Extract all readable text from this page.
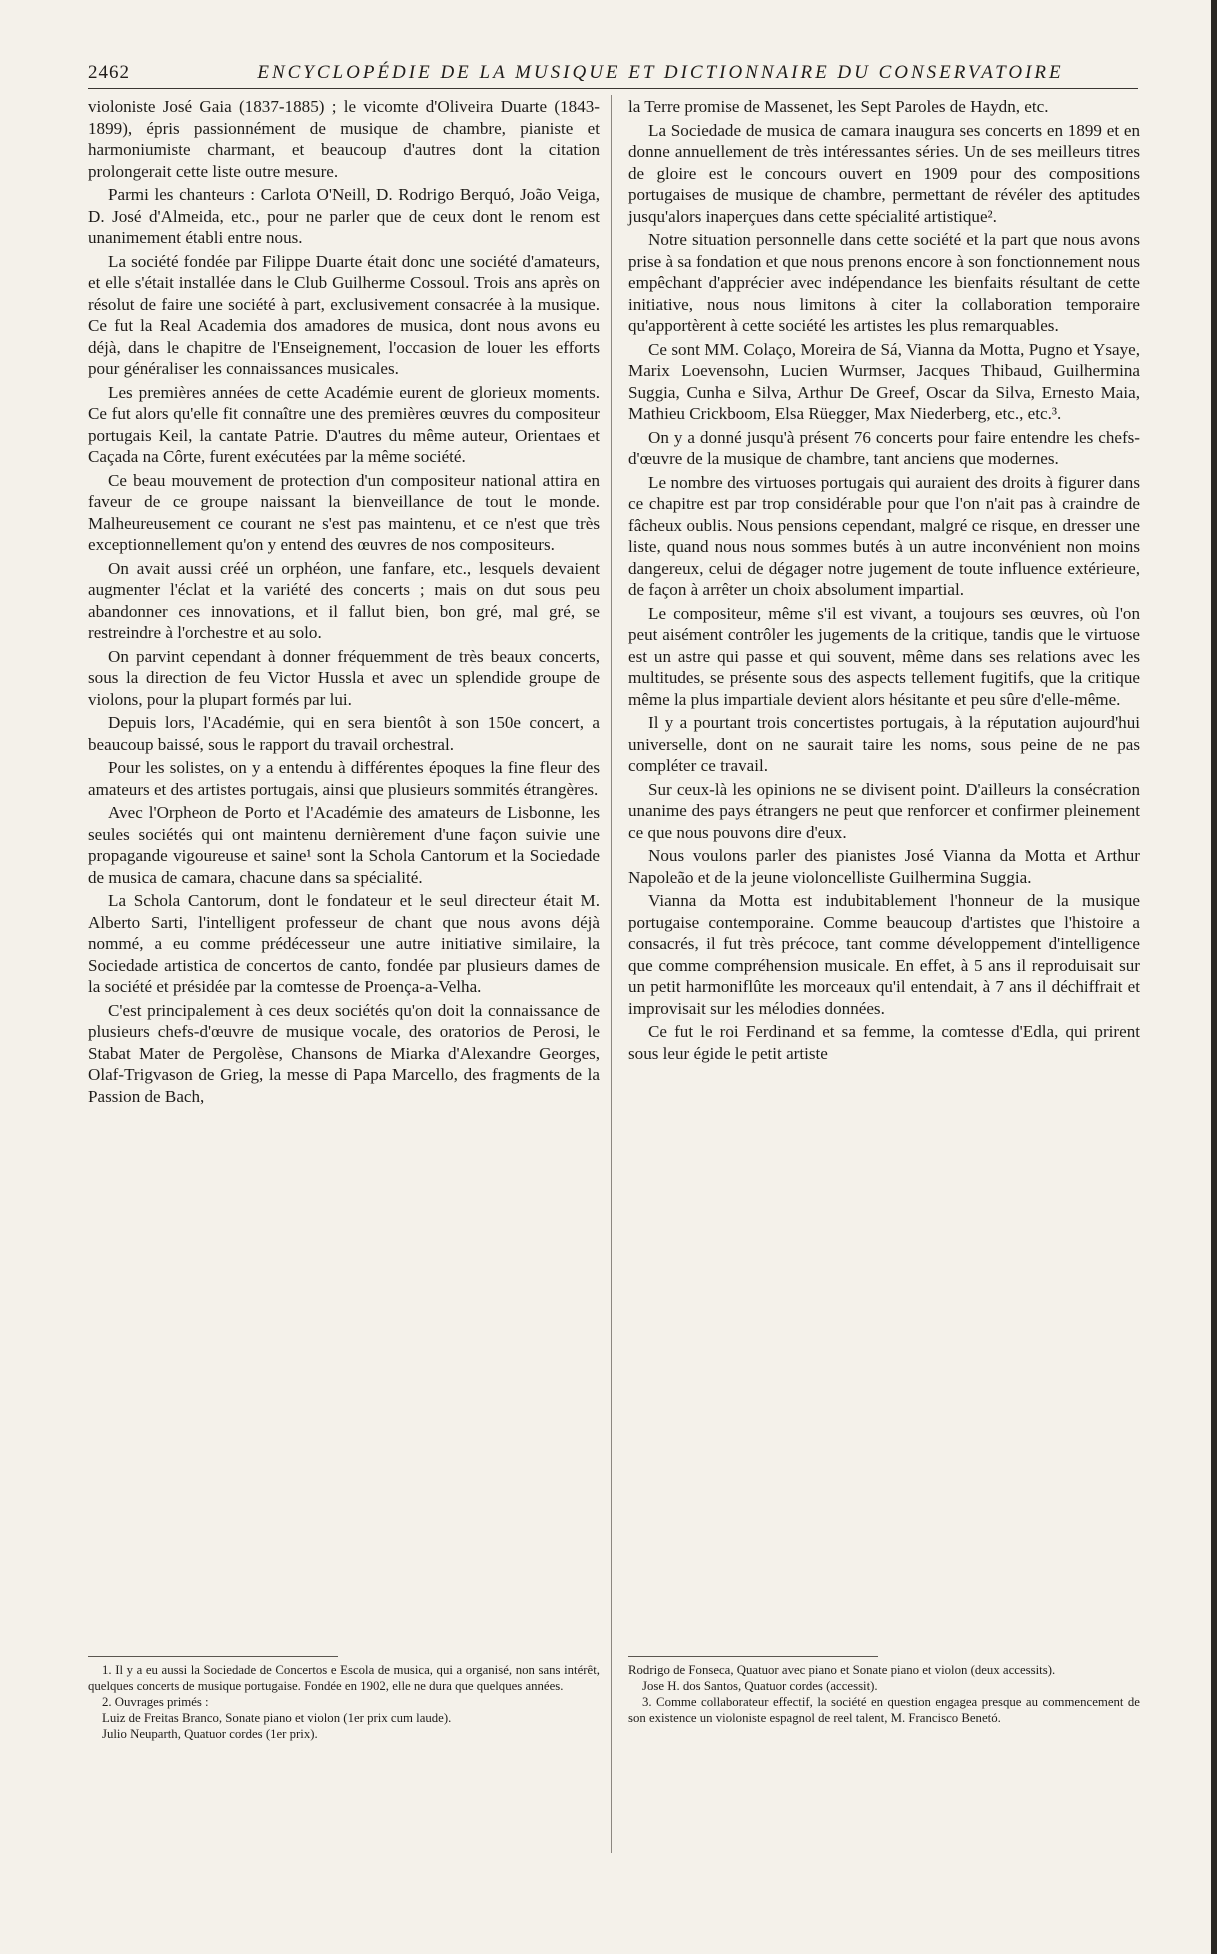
2462	ENCYCLOPÉDIE DE LA MUSIQUE ET DICTIONNAIRE DU CONSERVATOIRE

violoniste José Gaia (1837-1885) ; le vicomte d'Oliveira Duarte (1843-1899), épris passionnément de musique de chambre, pianiste et harmoniumiste charmant, et beaucoup d'autres dont la citation prolongerait cette liste outre mesure.

Parmi les chanteurs : Carlota O'Neill, D. Rodrigo Berquó, João Veiga, D. José d'Almeida, etc., pour ne parler que de ceux dont le renom est unanimement établi entre nous.

La société fondée par Filippe Duarte était donc une société d'amateurs, et elle s'était installée dans le Club Guilherme Cossoul. Trois ans après on résolut de faire une société à part, exclusivement consacrée à la musique. Ce fut la Real Academia dos amadores de musica, dont nous avons eu déjà, dans le chapitre de l'Enseignement, l'occasion de louer les efforts pour généraliser les connaissances musicales.

Les premières années de cette Académie eurent de glorieux moments. Ce fut alors qu'elle fit connaître une des premières œuvres du compositeur portugais Keil, la cantate Patrie. D'autres du même auteur, Orientaes et Caçada na Côrte, furent exécutées par la même société.

Ce beau mouvement de protection d'un compositeur national attira en faveur de ce groupe naissant la bienveillance de tout le monde. Malheureusement ce courant ne s'est pas maintenu, et ce n'est que très exceptionnellement qu'on y entend des œuvres de nos compositeurs.

On avait aussi créé un orphéon, une fanfare, etc., lesquels devaient augmenter l'éclat et la variété des concerts ; mais on dut sous peu abandonner ces innovations, et il fallut bien, bon gré, mal gré, se restreindre à l'orchestre et au solo.

On parvint cependant à donner fréquemment de très beaux concerts, sous la direction de feu Victor Hussla et avec un splendide groupe de violons, pour la plupart formés par lui.

Depuis lors, l'Académie, qui en sera bientôt à son 150e concert, a beaucoup baissé, sous le rapport du travail orchestral.

Pour les solistes, on y a entendu à différentes époques la fine fleur des amateurs et des artistes portugais, ainsi que plusieurs sommités étrangères.

Avec l'Orpheon de Porto et l'Académie des amateurs de Lisbonne, les seules sociétés qui ont maintenu dernièrement d'une façon suivie une propagande vigoureuse et saine¹ sont la Schola Cantorum et la Sociedade de musica de camara, chacune dans sa spécialité.

La Schola Cantorum, dont le fondateur et le seul directeur était M. Alberto Sarti, l'intelligent professeur de chant que nous avons déjà nommé, a eu comme prédécesseur une autre initiative similaire, la Sociedade artistica de concertos de canto, fondée par plusieurs dames de la société et présidée par la comtesse de Proença-a-Velha.

C'est principalement à ces deux sociétés qu'on doit la connaissance de plusieurs chefs-d'œuvre de musique vocale, des oratorios de Perosi, le Stabat Mater de Pergolèse, Chansons de Miarka d'Alexandre Georges, Olaf-Trigvason de Grieg, la messe di Papa Marcello, des fragments de la Passion de Bach,

la Terre promise de Massenet, les Sept Paroles de Haydn, etc.

La Sociedade de musica de camara inaugura ses concerts en 1899 et en donne annuellement de très intéressantes séries. Un de ses meilleurs titres de gloire est le concours ouvert en 1909 pour des compositions portugaises de musique de chambre, permettant de révéler des aptitudes jusqu'alors inaperçues dans cette spécialité artistique².

Notre situation personnelle dans cette société et la part que nous avons prise à sa fondation et que nous prenons encore à son fonctionnement nous empêchant d'apprécier avec indépendance les bienfaits résultant de cette initiative, nous nous limitons à citer la collaboration temporaire qu'apportèrent à cette société les artistes les plus remarquables.

Ce sont MM. Colaço, Moreira de Sá, Vianna da Motta, Pugno et Ysaye, Marix Loevensohn, Lucien Wurmser, Jacques Thibaud, Guilhermina Suggia, Cunha e Silva, Arthur De Greef, Oscar da Silva, Ernesto Maia, Mathieu Crickboom, Elsa Rüegger, Max Niederberg, etc., etc.³.

On y a donné jusqu'à présent 76 concerts pour faire entendre les chefs-d'œuvre de la musique de chambre, tant anciens que modernes.

Le nombre des virtuoses portugais qui auraient des droits à figurer dans ce chapitre est par trop considérable pour que l'on n'ait pas à craindre de fâcheux oublis. Nous pensions cependant, malgré ce risque, en dresser une liste, quand nous nous sommes butés à un autre inconvénient non moins dangereux, celui de dégager notre jugement de toute influence extérieure, de façon à arrêter un choix absolument impartial.

Le compositeur, même s'il est vivant, a toujours ses œuvres, où l'on peut aisément contrôler les jugements de la critique, tandis que le virtuose est un astre qui passe et qui souvent, même dans ses relations avec les multitudes, se présente sous des aspects tellement fugitifs, que la critique même la plus impartiale devient alors hésitante et peu sûre d'elle-même.

Il y a pourtant trois concertistes portugais, à la réputation aujourd'hui universelle, dont on ne saurait taire les noms, sous peine de ne pas compléter ce travail.

Sur ceux-là les opinions ne se divisent point. D'ailleurs la consécration unanime des pays étrangers ne peut que renforcer et confirmer pleinement ce que nous pouvons dire d'eux.

Nous voulons parler des pianistes José Vianna da Motta et Arthur Napoleão et de la jeune violoncelliste Guilhermina Suggia.

Vianna da Motta est indubitablement l'honneur de la musique portugaise contemporaine. Comme beaucoup d'artistes que l'histoire a consacrés, il fut très précoce, tant comme développement d'intelligence que comme compréhension musicale. En effet, à 5 ans il reproduisait sur un petit harmoniflûte les morceaux qu'il entendait, à 7 ans il déchiffrait et improvisait sur les mélodies données.

Ce fut le roi Ferdinand et sa femme, la comtesse d'Edla, qui prirent sous leur égide le petit artiste

1. Il y a eu aussi la Sociedade de Concertos e Escola de musica, qui a organisé, non sans intérêt, quelques concerts de musique portugaise. Fondée en 1902, elle ne dura que quelques années.

2. Ouvrages primés :

Luiz de Freitas Branco, Sonate piano et violon (1er prix cum laude).

Julio Neuparth, Quatuor cordes (1er prix).

Rodrigo de Fonseca, Quatuor avec piano et Sonate piano et violon (deux accessits).

Jose H. dos Santos, Quatuor cordes (accessit).

3. Comme collaborateur effectif, la société en question engagea presque au commencement de son existence un violoniste espagnol de reel talent, M. Francisco Benetó.
